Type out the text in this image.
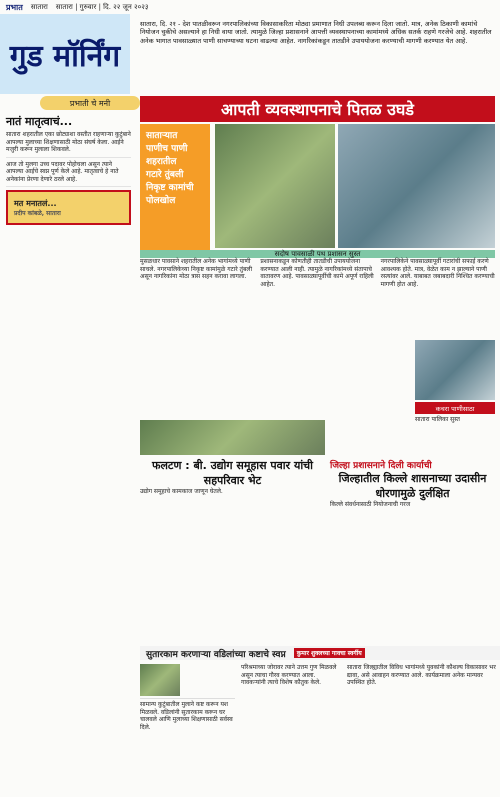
प्रभात सातारा सातारा | गुरुवार | दि. २२ जून २०२३
गुड मॉर्निंग
प्रभाती चे मनी
सातारा, दि. २१ - देश पातळीवरून नगरपालिकांच्या विकासाकरिता मोठ्या प्रमाणात निधी उपलब्ध करून दिला जातो. मात्र, अनेक ठिकाणी कामांचे नियोजन चुकीचे असल्याने हा निधी वाया जातो. त्यामुळे जिल्हा प्रशासनाने आपत्ती व्यवस्थापनाच्या कामांमध्ये अधिक सतर्क राहणे गरजेचे आहे. शहरातील अनेक भागात पावसाळ्यात पाणी साचण्याच्या घटना वाढल्या आहेत. नागरिकांकडून तातडीने उपाययोजना करण्याची मागणी करण्यात येत आहे.
आपती व्यवस्थापनाचे पितळ उघडे
नातं मातृत्वाचं...
सातारा शहरातील एका छोट्याशा वस्तीत राहणाऱ्या कुटुंबाने आपल्या मुलाच्या शिक्षणासाठी मोठा संघर्ष केला. आईने मजुरी करून मुलाला शिकवले.
आज तो मुलगा उच्च पदावर पोहोचला असून त्याने आपल्या आईचे स्वप्न पूर्ण केले आहे. मातृत्वाचे हे नाते अनेकांना प्रेरणा देणारे ठरले आहे.
मत मनातलं...
प्रदीप कांबळे, सातारा
साताऱ्यात
पाणीच पाणी
शहरातील
गटारे तुंबली
निकृष्ट कामांची
पोलखोल
सदोष पावसाळी पथ प्रशासन सुस्त
मुसळधार पावसाने शहरातील अनेक भागांमध्ये पाणी साचले. नगरपालिकेच्या निकृष्ट कामांमुळे गटारे तुंबली असून नागरिकांना मोठा त्रास सहन करावा लागला.
प्रशासनाकडून कोणतीही तातडीची उपाययोजना करण्यात आली नाही. त्यामुळे नागरिकांमध्ये संतापाचे वातावरण आहे. पावसाळ्यापूर्वीची कामे अपूर्ण राहिली आहेत.
नगरपालिकेने पावसाळ्यापूर्वी गटारांची सफाई करणे आवश्यक होते. मात्र, वेळेत काम न झाल्याने पाणी रस्त्यांवर आले. याबाबत जबाबदारी निश्चित करण्याची मागणी होत आहे.
कचरा पाणीसाठा
सातारा पालिका सुस्त
फलटण : बी. उद्योग समूहास पवार यांची सहपरिवार भेट
उद्योग समूहाचे कामकाज जाणून घेतले.
जिल्हा प्रशासनाने दिली कार्याची
जिल्हातील किल्ले शासनाच्या उदासीन धोरणामुळे दुर्लक्षित
किल्ले संवर्धनासाठी नियोजनाची गरज
सुतारकाम करणाऱ्या वडिलांच्या कष्टाचे स्वप्न	कुमार शुक्लच्या गावचा स्वर्गीय
सामान्य कुटुंबातील मुलाने कष्ट करून यश मिळवले. वडिलांनी सुतारकाम करून घर चालवले आणि मुलाच्या शिक्षणासाठी सर्वस्व दिले.
परिश्रमाच्या जोरावर त्याने उत्तम गुण मिळवले असून त्याचा गौरव करण्यात आला. गावकऱ्यांनी त्याचे विशेष कौतुक केले.
सातारा जिल्ह्यातील विविध भागांमध्ये युवकांनी कौशल्य विकासावर भर द्यावा, असे आवाहन करण्यात आले. कार्यक्रमाला अनेक मान्यवर उपस्थित होते.
